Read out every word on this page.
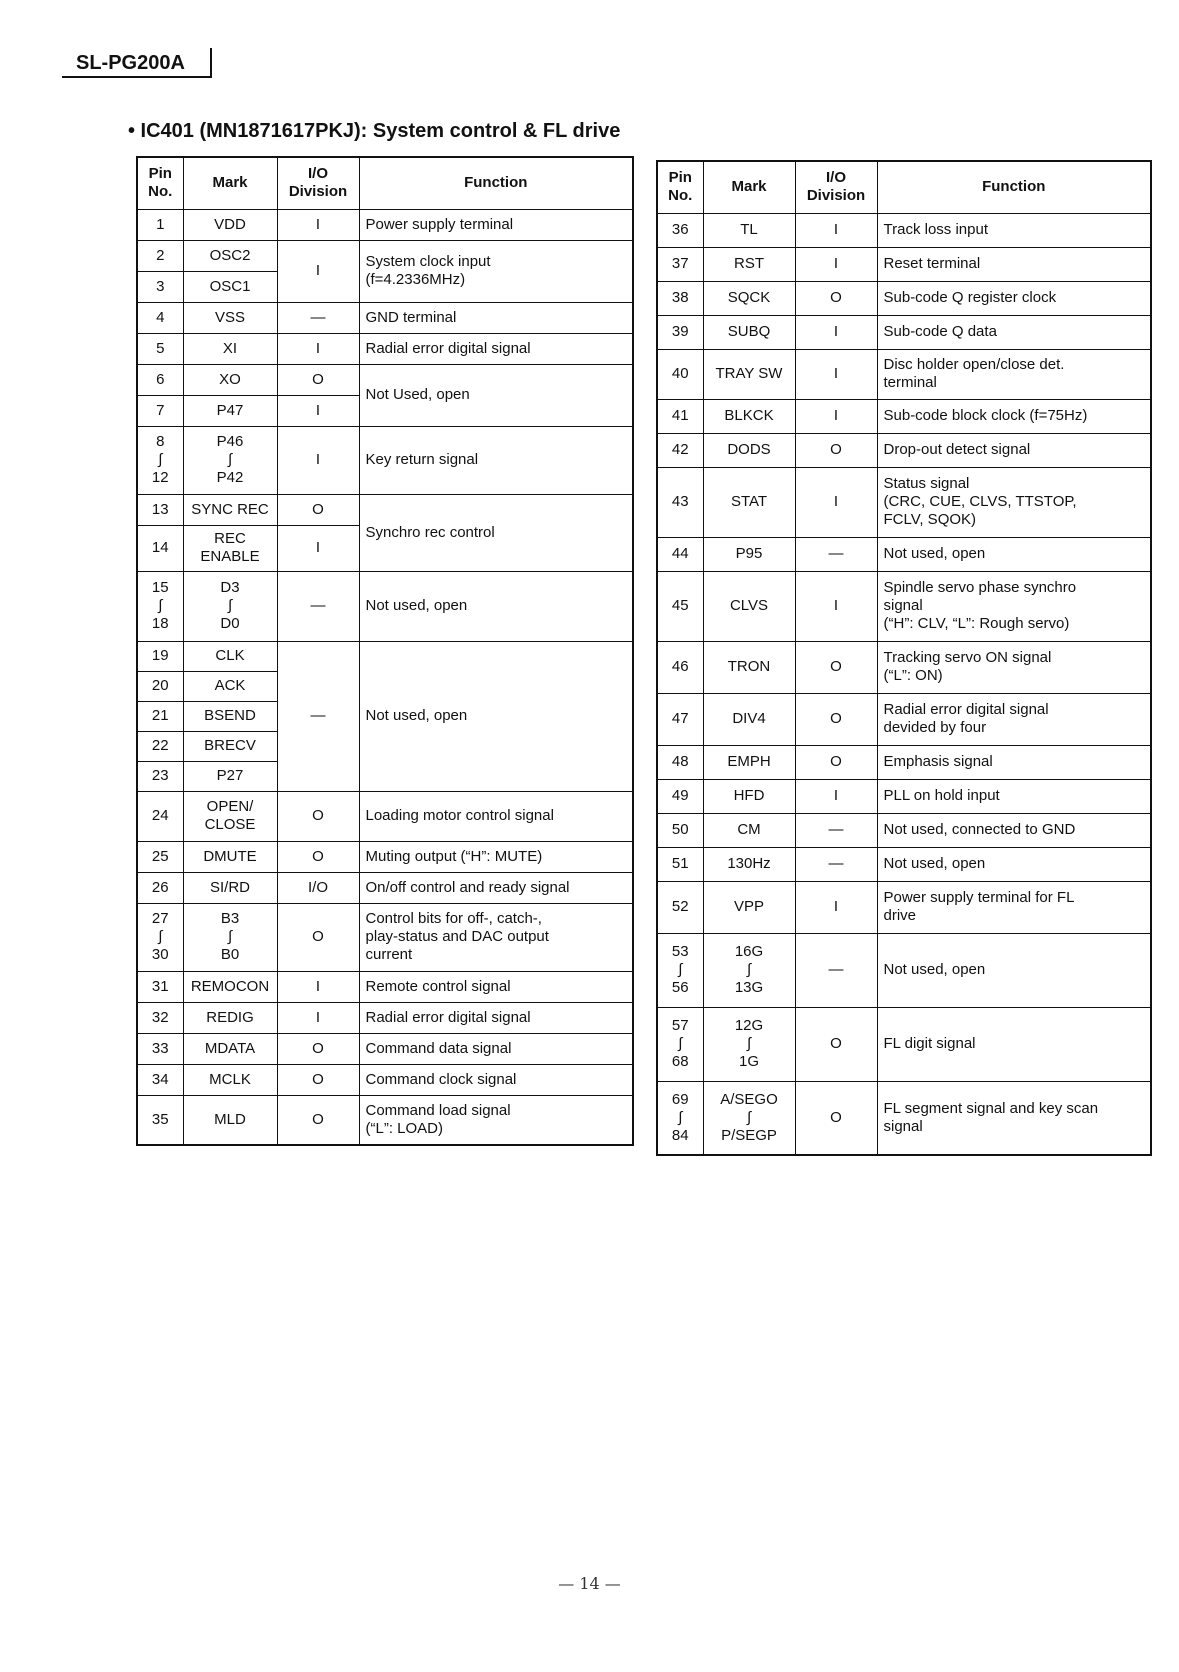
SL-PG200A
• IC401 (MN1871617PKJ): System control & FL drive
Pin
No.	Mark	I/O
Division	Function
1	VDD	I	Power supply terminal
2	OSC2	I	System clock input
(f=4.2336MHz)
3	OSC1		
4	VSS	—	GND terminal
5	XI	I	Radial error digital signal
6	XO	O	Not Used, open
7	P47	I	
8
∫
12	P46
∫
P42	I	Key return signal
13	SYNC REC	O	Synchro rec control
14	REC
ENABLE	I	
15
∫
18	D3
∫
D0	—	Not used, open
19	CLK	—	Not used, open
20	ACK		
21	BSEND		
22	BRECV		
23	P27		
24	OPEN/
CLOSE	O	Loading motor control signal
25	DMUTE	O	Muting output (“H”: MUTE)
26	SI/RD	I/O	On/off control and ready signal
27
∫
30	B3
∫
B0	O	Control bits for off-, catch-,
play-status and DAC output
current
31	REMOCON	I	Remote control signal
32	REDIG	I	Radial error digital signal
33	MDATA	O	Command data signal
34	MCLK	O	Command clock signal
35	MLD	O	Command load signal
(“L”: LOAD)
Pin
No.	Mark	I/O
Division	Function
36	TL	I	Track loss input
37	RST	I	Reset terminal
38	SQCK	O	Sub-code Q register clock
39	SUBQ	I	Sub-code Q data
40	TRAY SW	I	Disc holder open/close det.
terminal
41	BLKCK	I	Sub-code block clock (f=75Hz)
42	DODS	O	Drop-out detect signal
43	STAT	I	Status signal
(CRC, CUE, CLVS, TTSTOP,
FCLV, SQOK)
44	P95	—	Not used, open
45	CLVS	I	Spindle servo phase synchro
signal
(“H”: CLV, “L”: Rough servo)
46	TRON	O	Tracking servo ON signal
(“L”: ON)
47	DIV4	O	Radial error digital signal
devided by four
48	EMPH	O	Emphasis signal
49	HFD	I	PLL on hold input
50	CM	—	Not used, connected to GND
51	130Hz	—	Not used, open
52	VPP	I	Power supply terminal for FL
drive
53
∫
56	16G
∫
13G	—	Not used, open
57
∫
68	12G
∫
1G	O	FL digit signal
69
∫
84	A/SEGO
∫
P/SEGP	O	FL segment signal and key scan
signal
— 14 —
